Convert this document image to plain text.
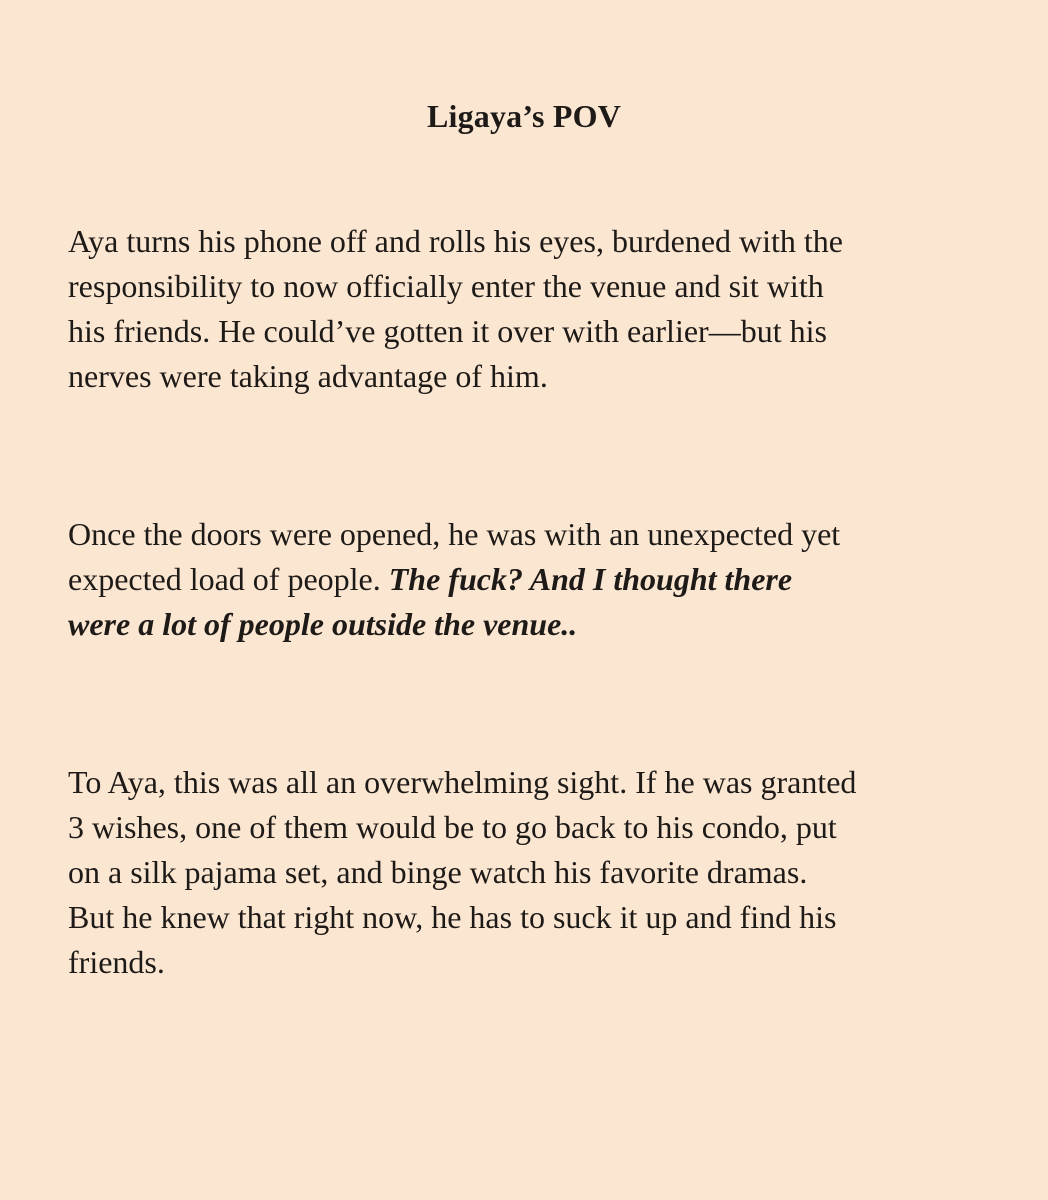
Ligaya’s POV

Aya turns his phone off and rolls his eyes, burdened with the
responsibility to now officially enter the venue and sit with
his friends. He could’ve gotten it over with earlier—but his
nerves were taking advantage of him.

Once the doors were opened, he was with an unexpected yet
expected load of people. The fuck? And I thought there
were a lot of people outside the venue..

To Aya, this was all an overwhelming sight. If he was granted
3 wishes, one of them would be to go back to his condo, put
on a silk pajama set, and binge watch his favorite dramas.
But he knew that right now, he has to suck it up and find his
friends.
